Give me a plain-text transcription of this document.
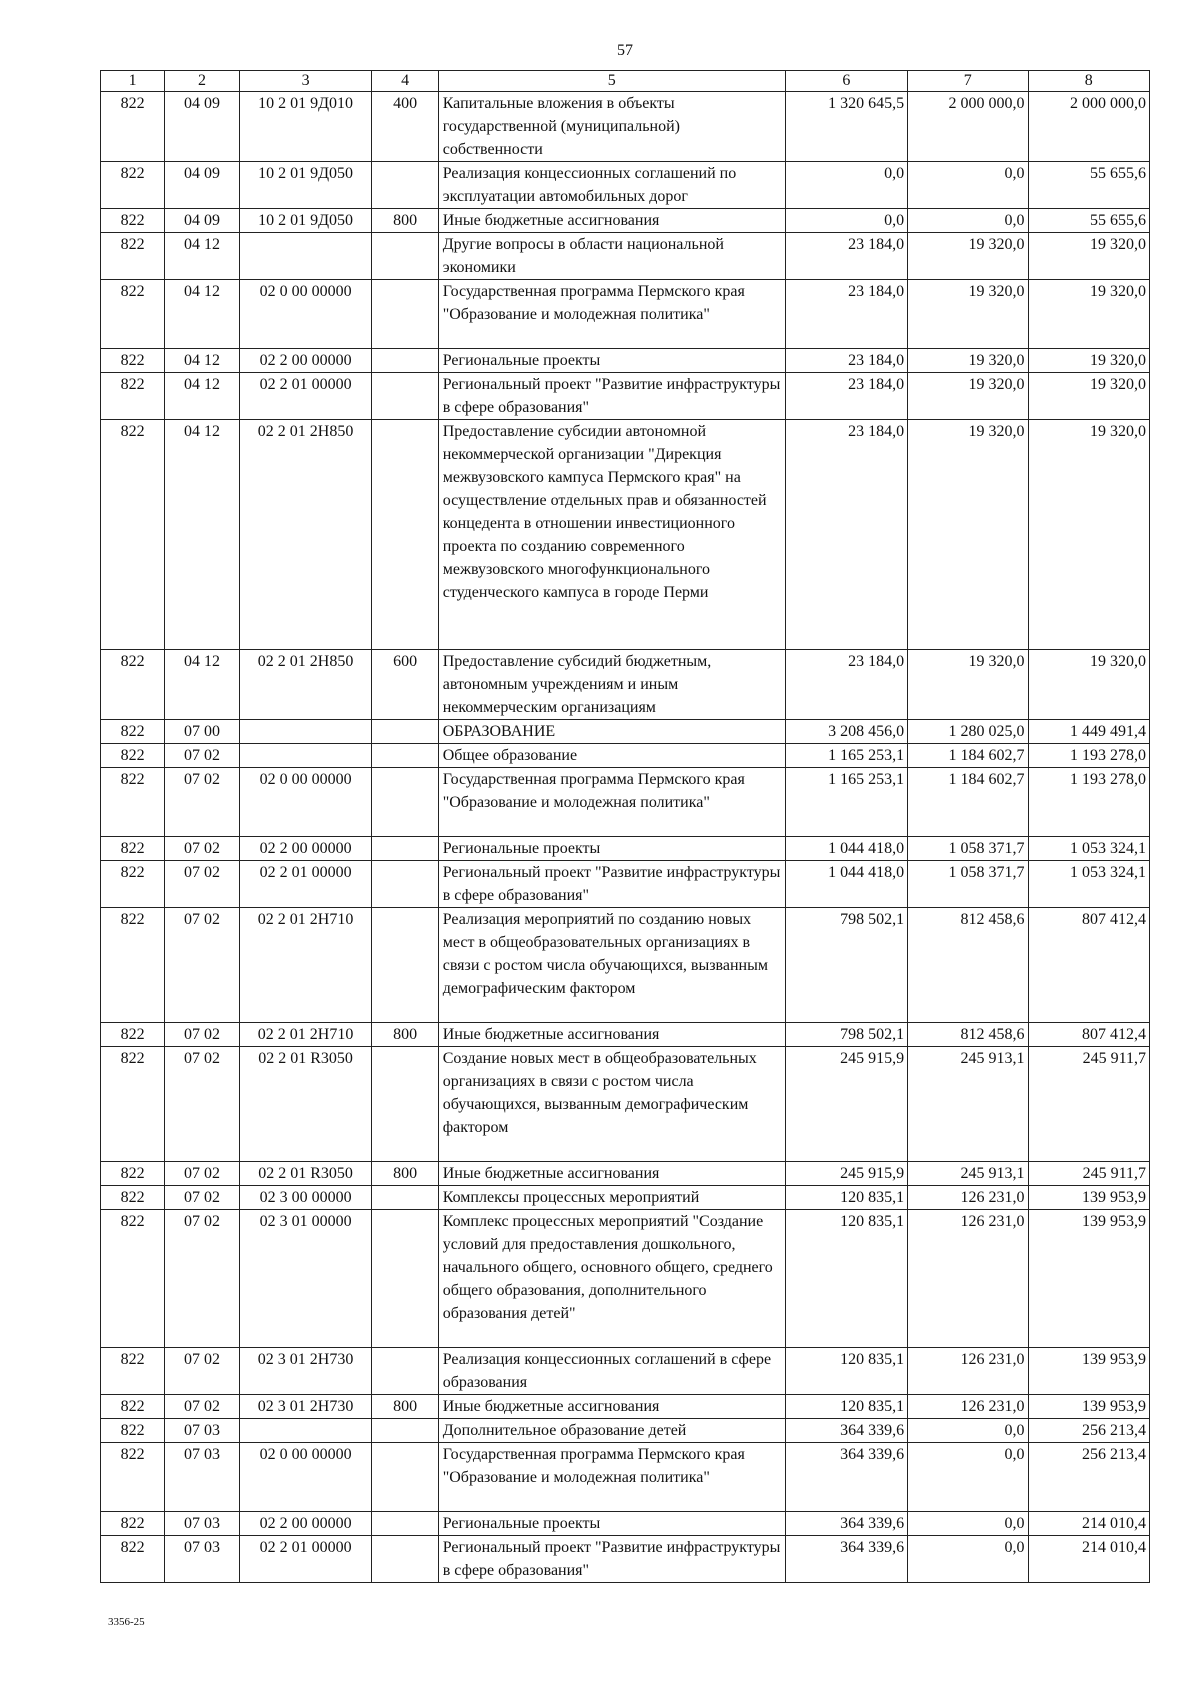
57
1	2	3	4	5	6	7	8
822	04 09	10 2 01 9Д010	400	Капитальные вложения в объекты государственной (муниципальной) собственности	1 320 645,5	2 000 000,0	2 000 000,0
822	04 09	10 2 01 9Д050		Реализация концессионных соглашений по эксплуатации автомобильных дорог	0,0	0,0	55 655,6
822	04 09	10 2 01 9Д050	800	Иные бюджетные ассигнования	0,0	0,0	55 655,6
822	04 12			Другие вопросы в области национальной экономики	23 184,0	19 320,0	19 320,0
822	04 12	02 0 00 00000		Государственная программа Пермского края "Образование и молодежная политика"	23 184,0	19 320,0	19 320,0
822	04 12	02 2 00 00000		Региональные проекты	23 184,0	19 320,0	19 320,0
822	04 12	02 2 01 00000		Региональный проект "Развитие инфраструктуры в сфере образования"	23 184,0	19 320,0	19 320,0
822	04 12	02 2 01 2Н850		Предоставление субсидии автономной некоммерческой организации "Дирекция межвузовского кампуса Пермского края" на осуществление отдельных прав и обязанностей концедента в отношении инвестиционного проекта по созданию современного межвузовского многофункционального студенческого кампуса в городе Перми	23 184,0	19 320,0	19 320,0
822	04 12	02 2 01 2Н850	600	Предоставление субсидий бюджетным, автономным учреждениям и иным некоммерческим организациям	23 184,0	19 320,0	19 320,0
822	07 00			ОБРАЗОВАНИЕ	3 208 456,0	1 280 025,0	1 449 491,4
822	07 02			Общее образование	1 165 253,1	1 184 602,7	1 193 278,0
822	07 02	02 0 00 00000		Государственная программа Пермского края "Образование и молодежная политика"	1 165 253,1	1 184 602,7	1 193 278,0
822	07 02	02 2 00 00000		Региональные проекты	1 044 418,0	1 058 371,7	1 053 324,1
822	07 02	02 2 01 00000		Региональный проект "Развитие инфраструктуры в сфере образования"	1 044 418,0	1 058 371,7	1 053 324,1
822	07 02	02 2 01 2Н710		Реализация мероприятий по созданию новых мест в общеобразовательных организациях в связи с ростом числа обучающихся, вызванным демографическим фактором	798 502,1	812 458,6	807 412,4
822	07 02	02 2 01 2Н710	800	Иные бюджетные ассигнования	798 502,1	812 458,6	807 412,4
822	07 02	02 2 01 R3050		Создание новых мест в общеобразовательных организациях в связи с ростом числа обучающихся, вызванным демографическим фактором	245 915,9	245 913,1	245 911,7
822	07 02	02 2 01 R3050	800	Иные бюджетные ассигнования	245 915,9	245 913,1	245 911,7
822	07 02	02 3 00 00000		Комплексы процессных мероприятий	120 835,1	126 231,0	139 953,9
822	07 02	02 3 01 00000		Комплекс процессных мероприятий "Создание условий для предоставления дошкольного, начального общего, основного общего, среднего общего образования, дополнительного образования детей"	120 835,1	126 231,0	139 953,9
822	07 02	02 3 01 2Н730		Реализация концессионных соглашений в сфере образования	120 835,1	126 231,0	139 953,9
822	07 02	02 3 01 2Н730	800	Иные бюджетные ассигнования	120 835,1	126 231,0	139 953,9
822	07 03			Дополнительное образование детей	364 339,6	0,0	256 213,4
822	07 03	02 0 00 00000		Государственная программа Пермского края "Образование и молодежная политика"	364 339,6	0,0	256 213,4
822	07 03	02 2 00 00000		Региональные проекты	364 339,6	0,0	214 010,4
822	07 03	02 2 01 00000		Региональный проект "Развитие инфраструктуры в сфере образования"	364 339,6	0,0	214 010,4
3356-25
